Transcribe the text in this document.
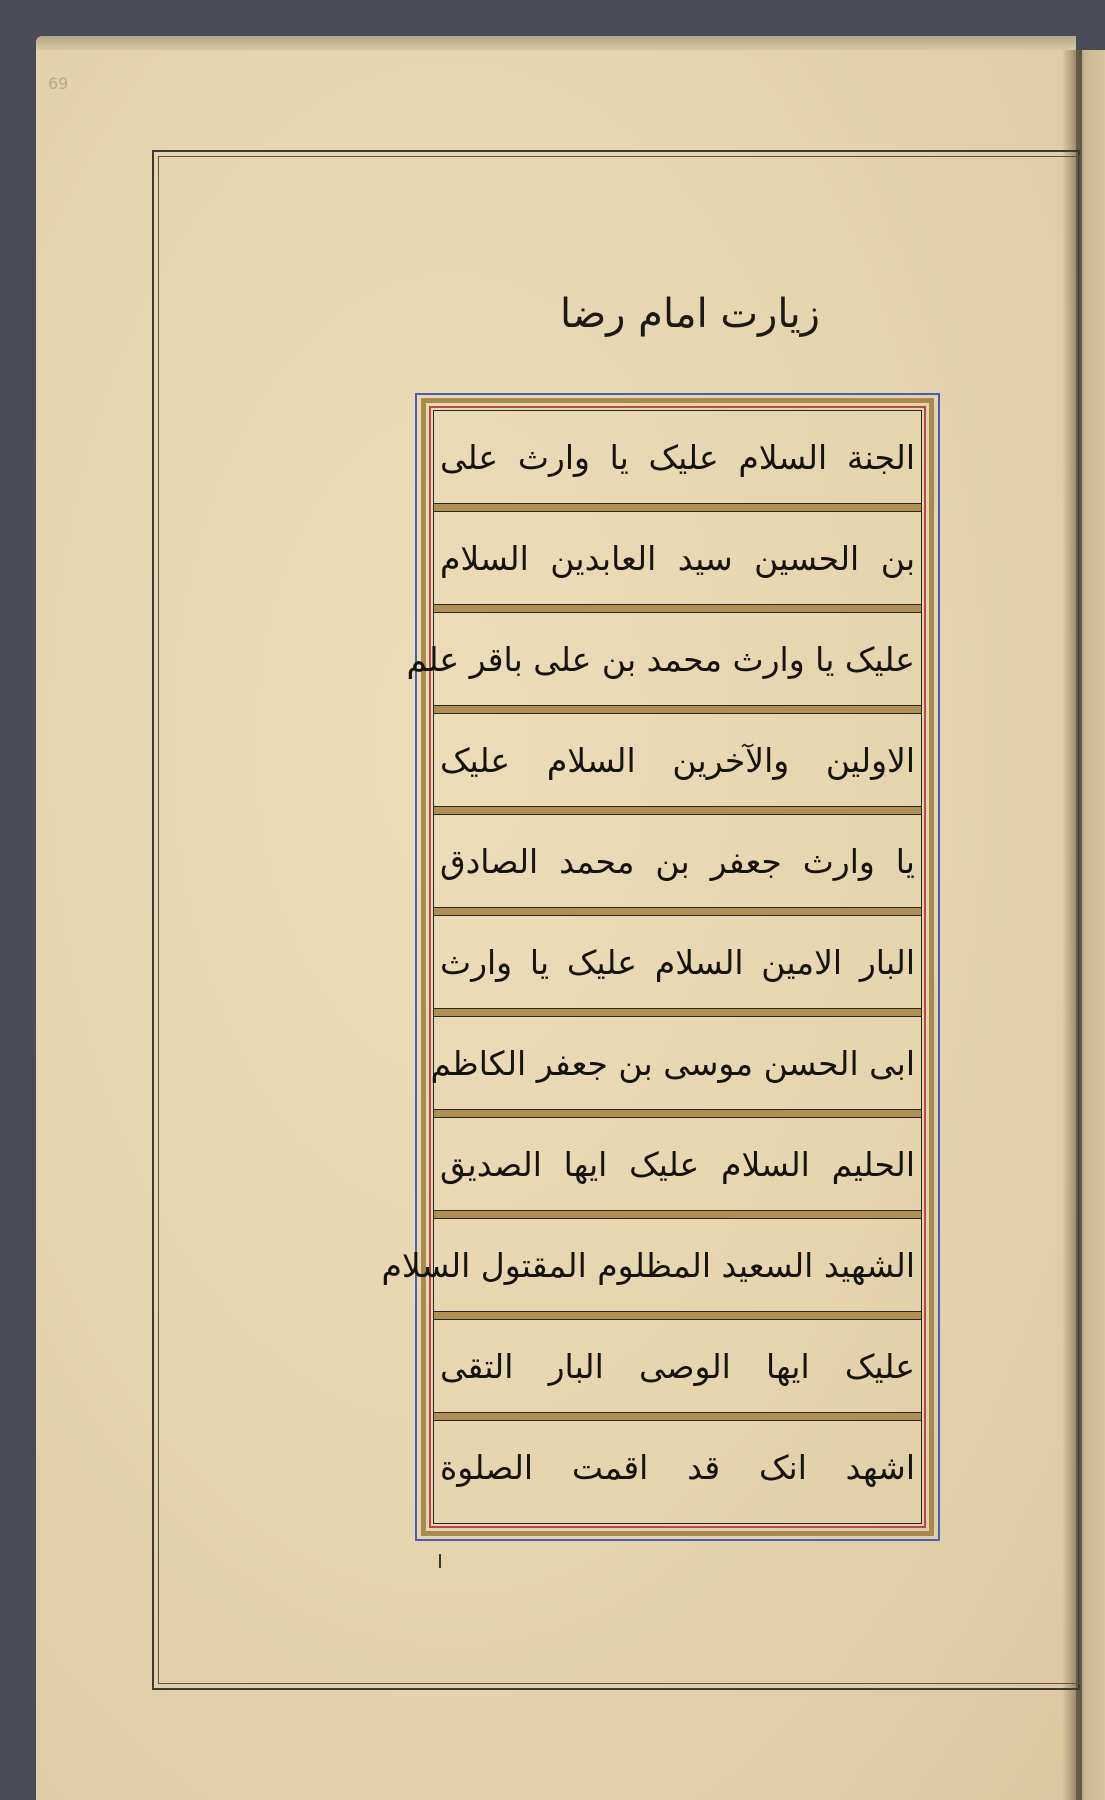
69
زیارت امام رضا
الجنة السلام علیک یا وارث علی
بن الحسین سید العابدین السلام
علیک یا وارث محمد بن علی باقر علم
الاولین والآخرین السلام علیک
یا وارث جعفر بن محمد الصادق
البار الامین السلام علیک یا وارث
ابی الحسن موسی بن جعفر الکاظم
الحلیم السلام علیک ایها الصدیق
الشهید السعید المظلوم المقتول السلام
علیک ایها الوصی البار التقی
اشهد انک قد اقمت الصلوة
